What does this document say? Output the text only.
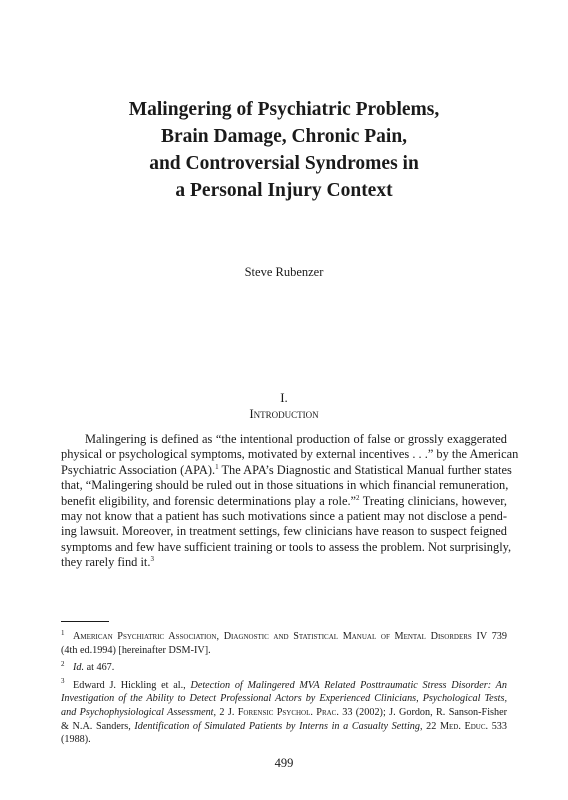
Malingering of Psychiatric Problems,
Brain Damage, Chronic Pain,
and Controversial Syndromes in
a Personal Injury Context
Steve Rubenzer
I.
Introduction
Malingering is defined as “the intentional production of false or grossly exaggerated
physical or psychological symptoms, motivated by external incentives . . .” by the American
Psychiatric Association (APA).$^1$ The APA’s Diagnostic and Statistical Manual further states
that, “Malingering should be ruled out in those situations in which financial remuneration,
benefit eligibility, and forensic determinations play a role.”$^2$ Treating clinicians, however,
may not know that a patient has such motivations since a patient may not disclose a pend-
ing lawsuit. Moreover, in treatment settings, few clinicians have reason to suspect feigned
symptoms and few have sufficient training or tools to assess the problem. Not surprisingly,
they rarely find it.$^3$
1 American Psychiatric Association, Diagnostic and Statistical Manual of Mental Disorders IV 739
(4th ed.1994) [hereinafter DSM-IV].
2 Id. at 467.
3 Edward J. Hickling et al., Detection of Malingered MVA Related Posttraumatic Stress Disorder: An
Investigation of the Ability to Detect Professional Actors by Experienced Clinicians, Psychological Tests,
and Psychophysiological Assessment, 2 J. Forensic Psychol. Prac. 33 (2002); J. Gordon, R. Sanson-Fisher
& N.A. Sanders, Identification of Simulated Patients by Interns in a Casualty Setting, 22 Med. Educ. 533
(1988).
499
